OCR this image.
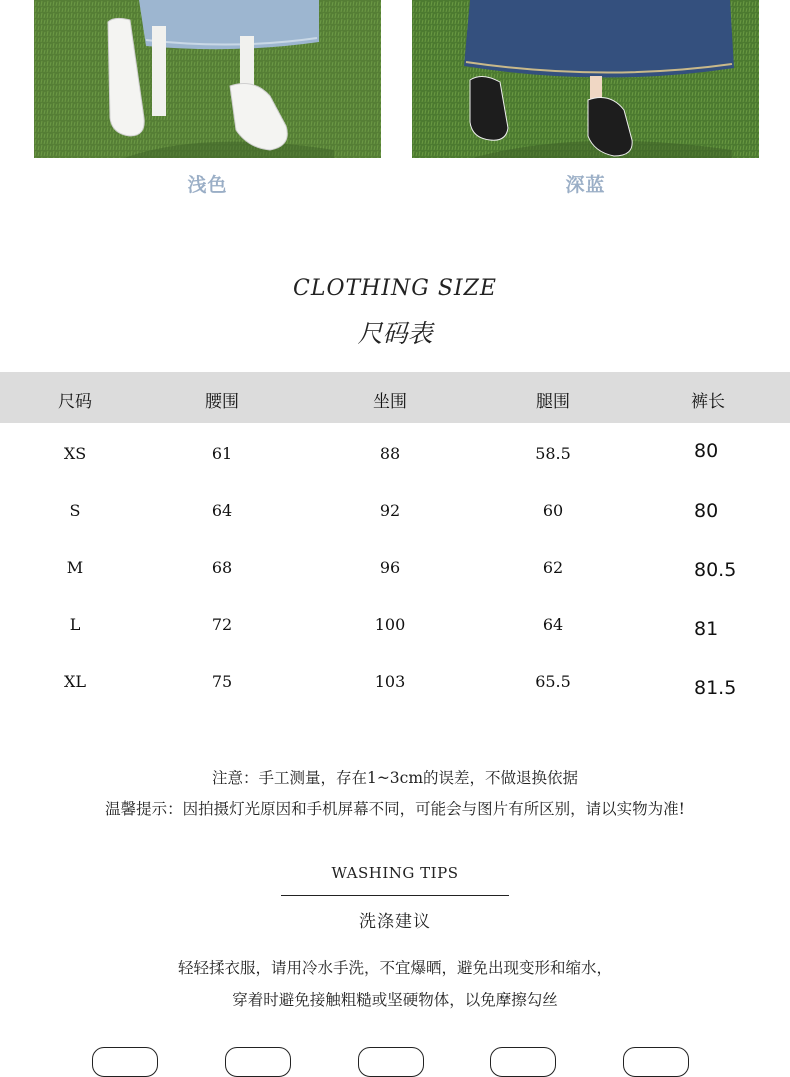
浅色	深蓝
CLOTHING SIZE
尺码表
尺码	腰围	坐围	腿围	裤长
XS	61	88	58.5	80
S	64	92	60	80
M	68	96	62	80.5
L	72	100	64	81
XL	75	103	65.5	81.5
注意：手工测量，存在1~3cm的误差，不做退换依据
温馨提示：因拍摄灯光原因和手机屏幕不同，可能会与图片有所区别，请以实物为准!
WASHING TIPS
洗涤建议
轻轻揉衣服，请用冷水手洗，不宜爆晒，避免出现变形和缩水，
穿着时避免接触粗糙或坚硬物体，以免摩擦勾丝
